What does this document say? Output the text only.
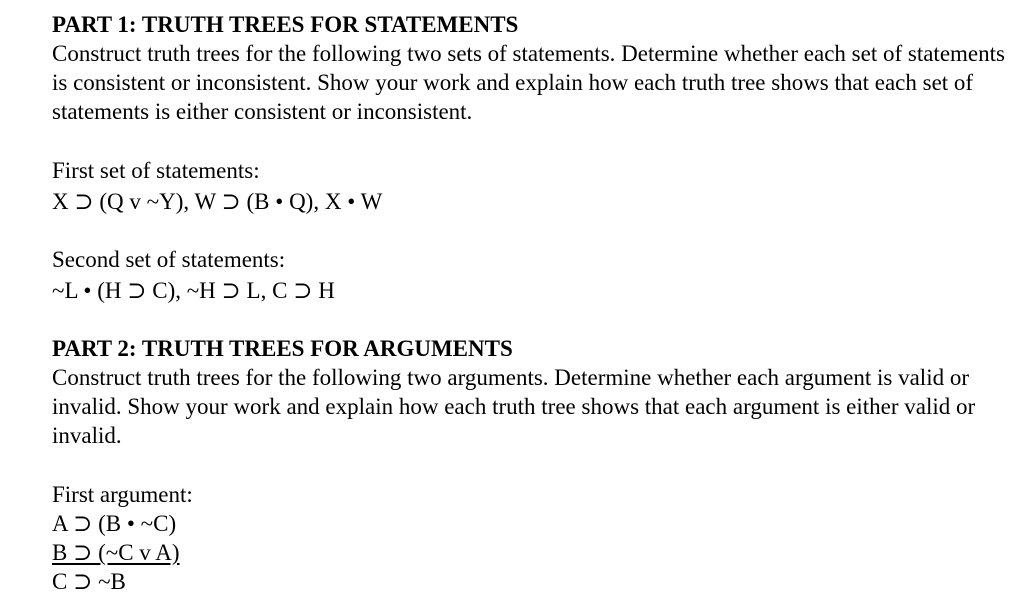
PART 1: TRUTH TREES FOR STATEMENTS

Construct truth trees for the following two sets of statements. Determine whether each set of statements is consistent or inconsistent. Show your work and explain how each truth tree shows that each set of statements is either consistent or inconsistent.

First set of statements:

X ⊃ (Q v ~Y), W ⊃ (B • Q), X • W

Second set of statements:

~L • (H ⊃ C), ~H ⊃ L, C ⊃ H

PART 2: TRUTH TREES FOR ARGUMENTS

Construct truth trees for the following two arguments. Determine whether each argument is valid or invalid. Show your work and explain how each truth tree shows that each argument is either valid or invalid.

First argument:

A ⊃ (B • ~C)

B ⊃ (~C v A)

C ⊃ ~B
